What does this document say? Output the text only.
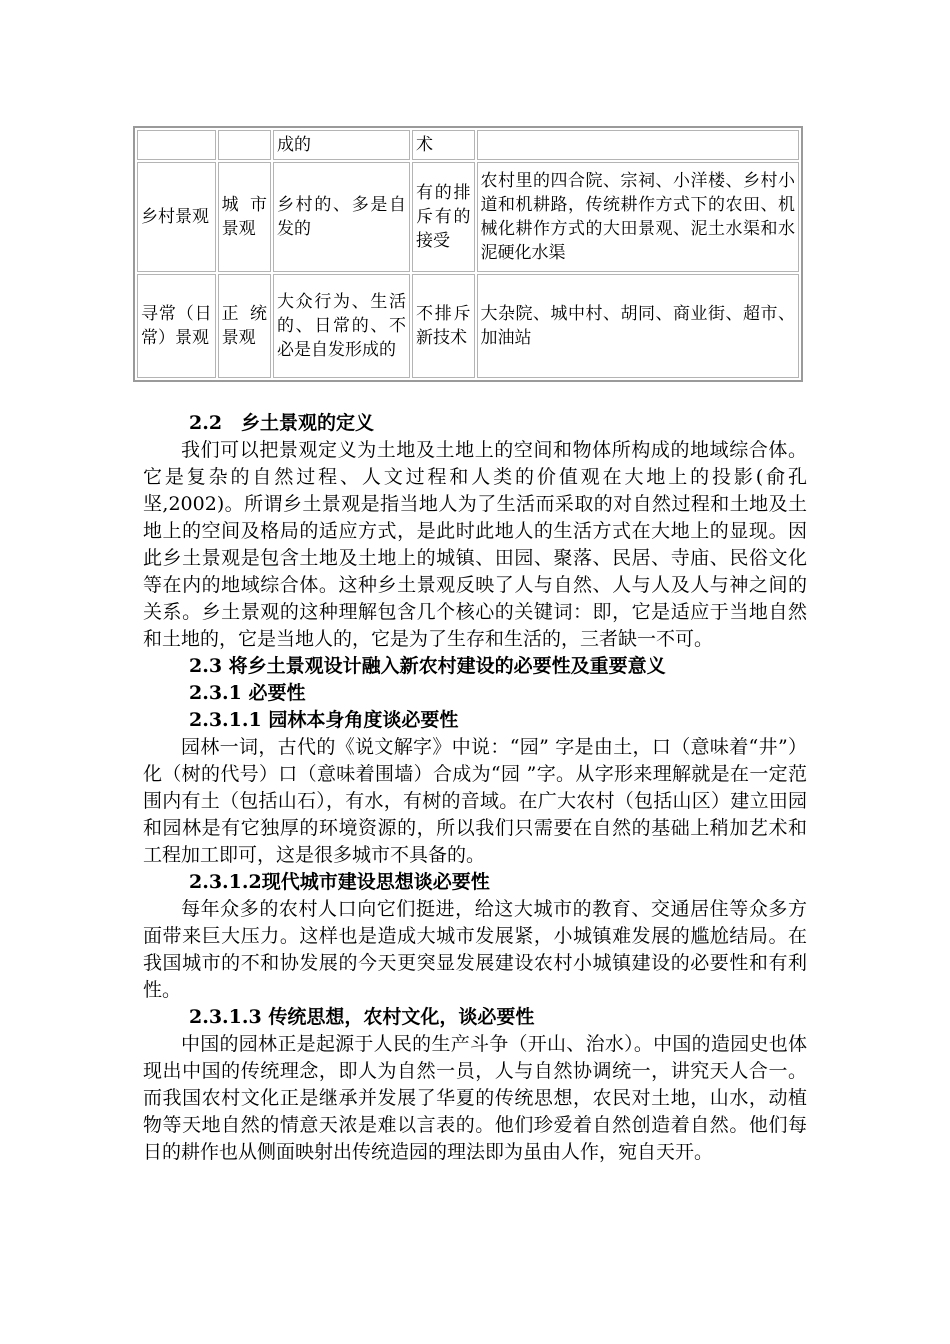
		成的	术	
乡村景观	城市景观	乡村的、多是自发的	有的排斥有的接受	农村里的四合院、宗祠、小洋楼、乡村小道和机耕路，传统耕作方式下的农田、机械化耕作方式的大田景观、泥土水渠和水泥硬化水渠
寻常（日常）景观	正统景观	大众行为、生活的、日常的、不必是自发形成的	不排斥新技术	大杂院、城中村、胡同、商业街、超市、加油站

2.2　乡土景观的定义

我们可以把景观定义为土地及土地上的空间和物体所构成的地域综合体。它是复杂的自然过程、人文过程和人类的价值观在大地上的投影(俞孔坚,2002)。所谓乡土景观是指当地人为了生活而采取的对自然过程和土地及土地上的空间及格局的适应方式，是此时此地人的生活方式在大地上的显现。因此乡土景观是包含土地及土地上的城镇、田园、聚落、民居、寺庙、民俗文化等在内的地域综合体。这种乡土景观反映了人与自然、人与人及人与神之间的关系。乡土景观的这种理解包含几个核心的关键词：即，它是适应于当地自然和土地的，它是当地人的，它是为了生存和生活的，三者缺一不可。

2.3 将乡土景观设计融入新农村建设的必要性及重要意义

2.3.1 必要性

2.3.1.1 园林本身角度谈必要性

园林一词，古代的《说文解字》中说：“园” 字是由土，口（意味着“井”）化（树的代号）口（意味着围墙）合成为“园 ”字。从字形来理解就是在一定范围内有土（包括山石），有水，有树的音域。在广大农村（包括山区）建立田园和园林是有它独厚的环境资源的，所以我们只需要在自然的基础上稍加艺术和工程加工即可，这是很多城市不具备的。

2.3.1.2现代城市建设思想谈必要性

每年众多的农村人口向它们挺进，给这大城市的教育、交通居住等众多方面带来巨大压力。这样也是造成大城市发展紧，小城镇难发展的尴尬结局。在我国城市的不和协发展的今天更突显发展建设农村小城镇建设的必要性和有利性。

2.3.1.3 传统思想，农村文化，谈必要性

中国的园林正是起源于人民的生产斗争（开山、治水）。中国的造园史也体现出中国的传统理念，即人为自然一员，人与自然协调统一，讲究天人合一。而我国农村文化正是继承并发展了华夏的传统思想，农民对土地，山水，动植物等天地自然的情意天浓是难以言表的。他们珍爱着自然创造着自然。他们每日的耕作也从侧面映射出传统造园的理法即为虽由人作，宛自天开。
